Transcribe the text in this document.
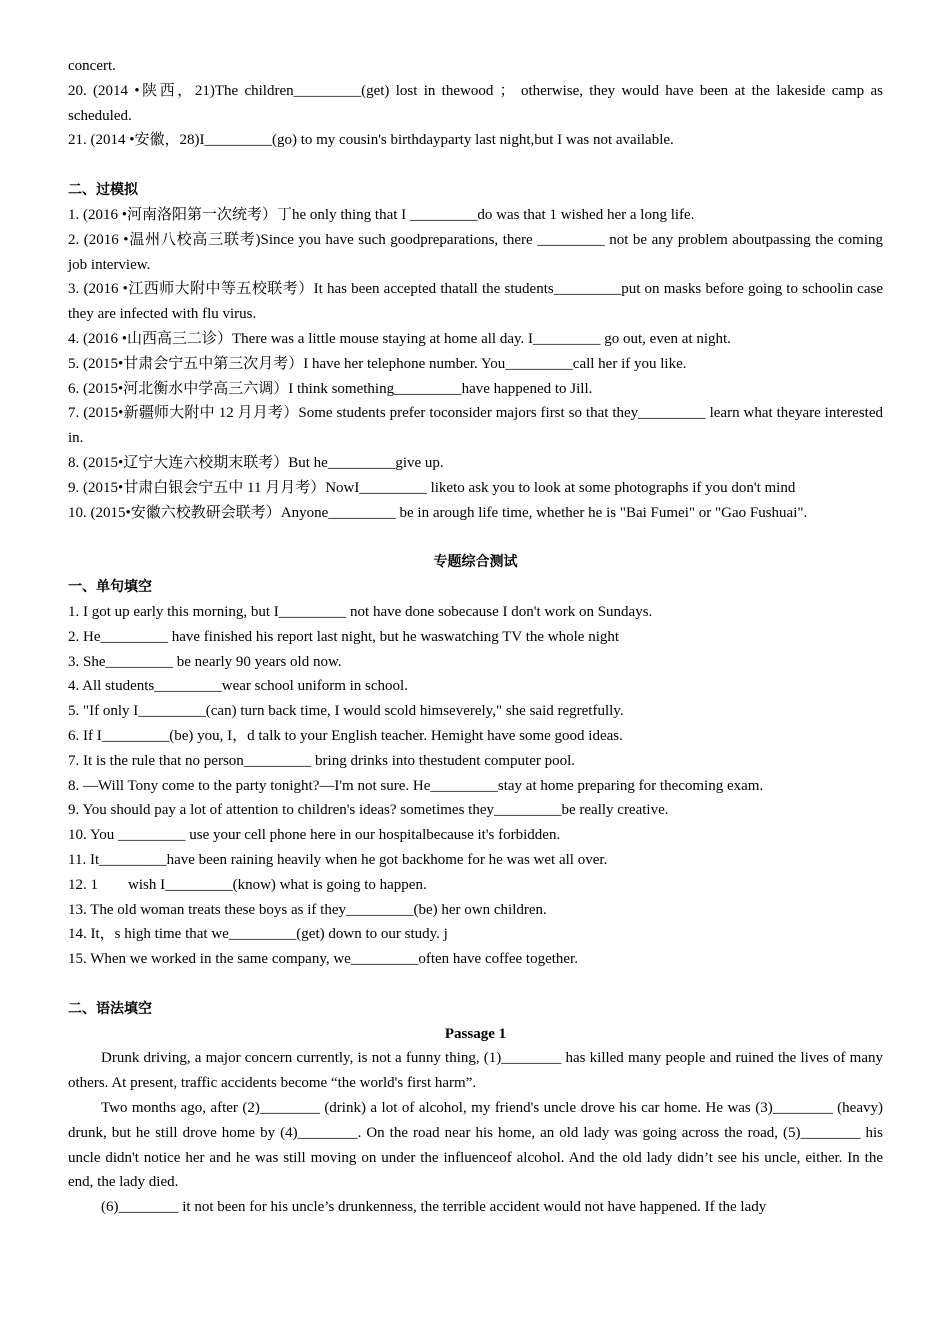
concert.

20. (2014 •陕西，21)The children_________(get) lost in thewood ； otherwise, they would have been at the lakeside camp as scheduled.

21. (2014 •安徽，28)I_________(go) to my cousin's birthdayparty last night,but I was not available.

二、过模拟

1. (2016 •河南洛阳第一次统考）丁he only thing that I _________do was that 1 wished her a long life.

2. (2016 •温州八校高三联考)Since you have such goodpreparations, there _________ not be any problem aboutpassing the coming job interview.

3. (2016 •江西师大附中等五校联考）It has been accepted thatall the students_________put on masks before going to schoolin case they are infected with flu virus.

4. (2016 •山西高三二诊）There was a little mouse staying at home all day. I_________ go out, even at night.

5. (2015•甘肃会宁五中第三次月考）I have her telephone number. You_________call her if you like.

6. (2015•河北衡水中学高三六调）I think something_________have happened to Jill.

7. (2015•新疆师大附中 12 月月考）Some students prefer toconsider majors first so that they_________ learn what theyare interested in.

8. (2015•辽宁大连六校期末联考）But he_________give up.

9. (2015•甘肃白银会宁五中 11 月月考）NowI_________ liketo ask you to look at some photographs if you don't mind

10. (2015•安徽六校教研会联考）Anyone_________ be in arough life time, whether he is "Bai Fumei" or "Gao Fushuai".

专题综合测试

一、单句填空

1. I got up early this morning, but I_________ not have done sobecause I don't work on Sundays.

2. He_________ have finished his report last night, but he waswatching TV the whole night

3. She_________ be nearly 90 years old now.

4. All students_________wear school uniform in school.

5. "If only I_________(can) turn back time, I would scold himseverely," she said regretfully.

6. If I_________(be) you, I，d talk to your English teacher. Hemight have some good ideas.

7. It is the rule that no person_________ bring drinks into thestudent computer pool.

8. —Will Tony come to the party tonight?—I'm not sure. He_________stay at home preparing for thecoming exam.

9. You should pay a lot of attention to children's ideas? sometimes they_________be really creative.

10. You _________ use your cell phone here in our hospitalbecause it's forbidden.

11. It_________have been raining heavily when he got backhome for he was wet all over.

12. 1        wish I_________(know) what is going to happen.

13. The old woman treats these boys as if they_________(be) her own children.

14. It，s high time that we_________(get) down to our study. j

15. When we worked in the same company, we_________often have coffee together.

二、语法填空

Passage 1

Drunk driving, a major concern currently, is not a funny thing, (1)________ has killed many people and ruined the lives of many others. At present, traffic accidents become “the world's first harm”.

Two months ago, after (2)________ (drink) a lot of alcohol, my friend's uncle drove his car home. He was (3)________ (heavy) drunk, but he still drove home by (4)________. On the road near his home, an old lady was going across the road, (5)________ his uncle didn't notice her and he was still moving on under the influenceof alcohol. And the old lady didn’t see his uncle, either. In the end, the lady died.

(6)________ it not been for his uncle’s drunkenness, the terrible accident would not have happened. If the lady
